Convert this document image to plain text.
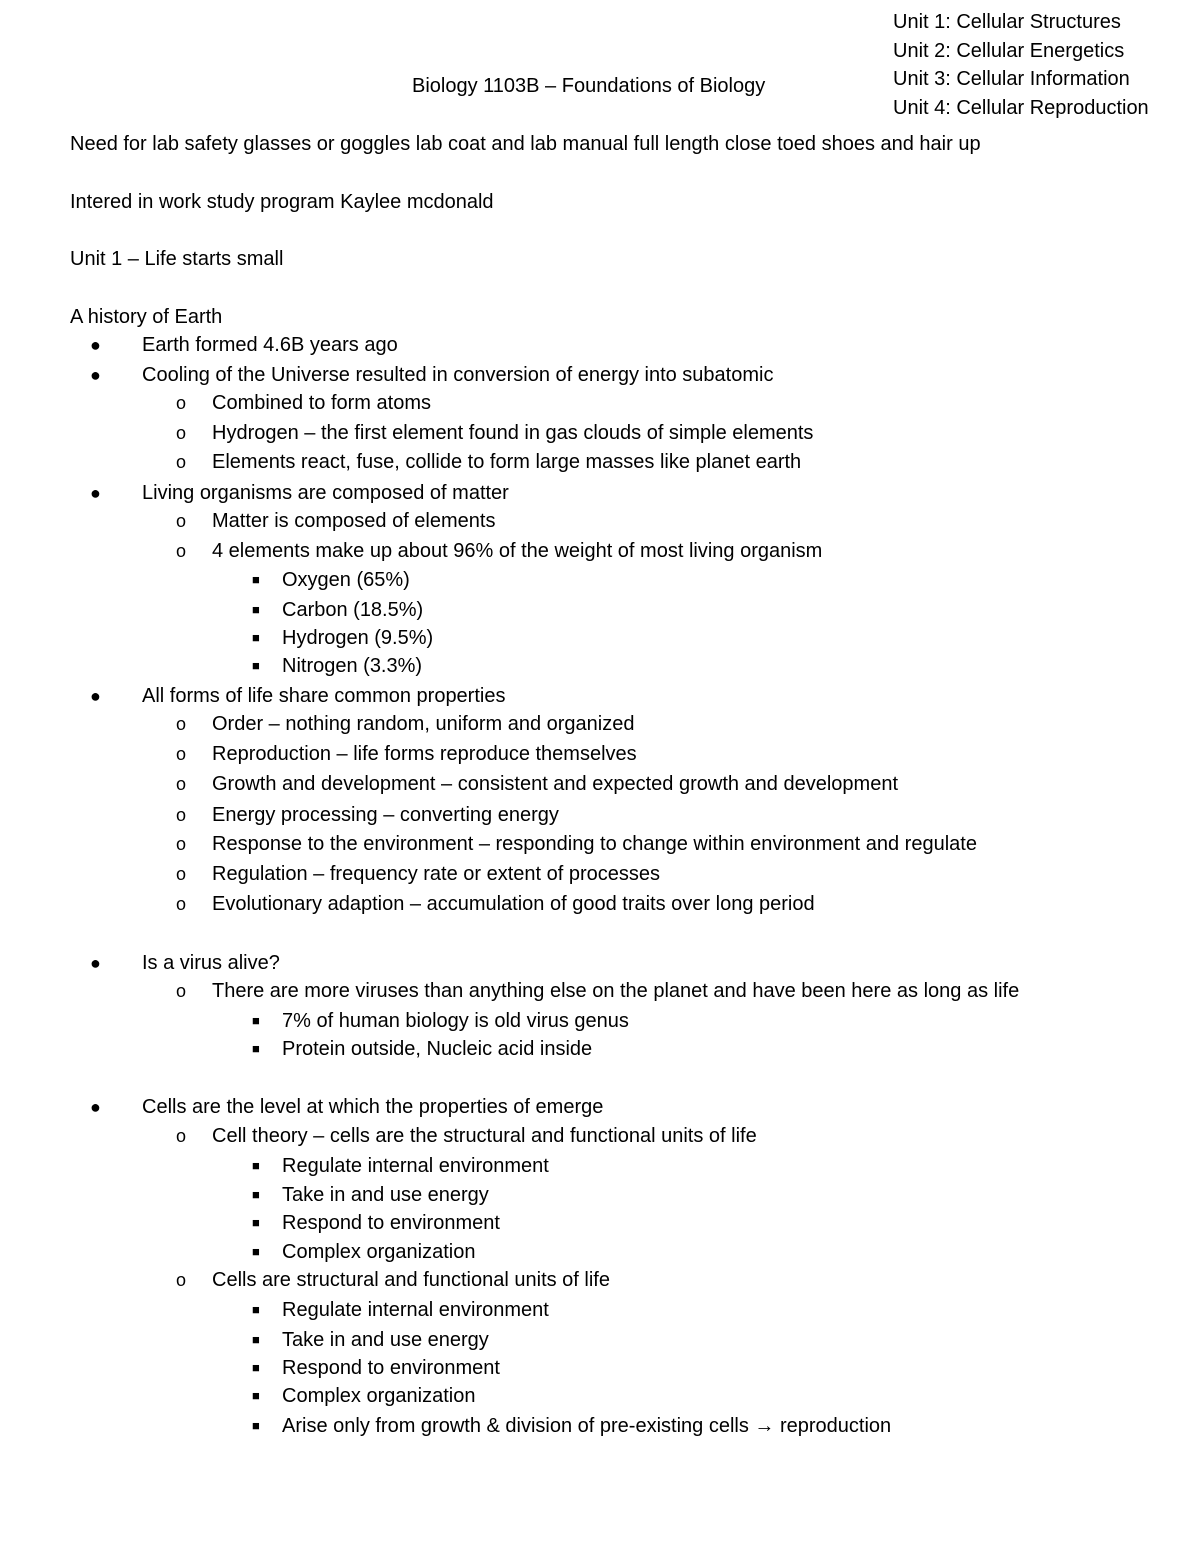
Unit 1: Cellular Structures
Unit 2: Cellular Energetics
Unit 3: Cellular Information
Unit 4: Cellular Reproduction
Biology 1103B – Foundations of Biology
Need for lab safety glasses or goggles lab coat and lab manual full length close toed shoes and hair up
Intered in work study program Kaylee mcdonald
Unit 1 – Life starts small
A history of Earth
● Earth formed 4.6B years ago
● Cooling of the Universe resulted in conversion of energy into subatomic
o Combined to form atoms
o Hydrogen – the first element found in gas clouds of simple elements
o Elements react, fuse, collide to form large masses like planet earth
● Living organisms are composed of matter
o Matter is composed of elements
o 4 elements make up about 96% of the weight of most living organism
■ Oxygen (65%)
■ Carbon (18.5%)
■ Hydrogen (9.5%)
■ Nitrogen (3.3%)
● All forms of life share common properties
o Order – nothing random, uniform and organized
o Reproduction – life forms reproduce themselves
o Growth and development – consistent and expected growth and development
o Energy processing – converting energy
o Response to the environment – responding to change within environment and regulate
o Regulation – frequency rate or extent of processes
o Evolutionary adaption – accumulation of good traits over long period
● Is a virus alive?
o There are more viruses than anything else on the planet and have been here as long as life
■ 7% of human biology is old virus genus
■ Protein outside, Nucleic acid inside
● Cells are the level at which the properties of emerge
o Cell theory – cells are the structural and functional units of life
■ Regulate internal environment
■ Take in and use energy
■ Respond to environment
■ Complex organization
o Cells are structural and functional units of life
■ Regulate internal environment
■ Take in and use energy
■ Respond to environment
■ Complex organization
■ Arise only from growth & division of pre-existing cells → reproduction
